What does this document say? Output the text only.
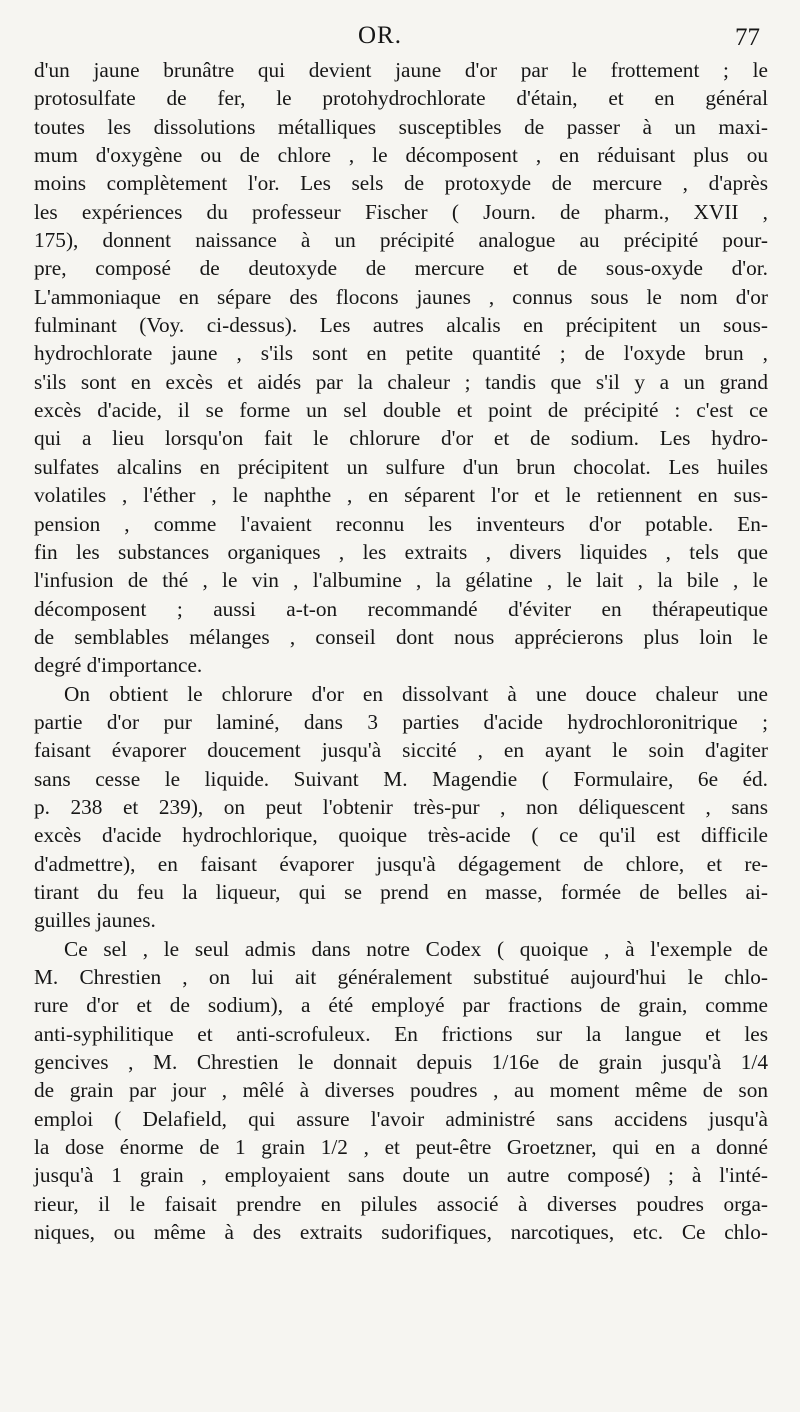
OR.	77

d'un jaune brunâtre qui devient jaune d'or par le frottement ; le

protosulfate de fer, le protohydrochlorate d'étain, et en général

toutes les dissolutions métalliques susceptibles de passer à un maxi-

mum d'oxygène ou de chlore , le décomposent , en réduisant plus ou

moins complètement l'or. Les sels de protoxyde de mercure , d'après

les expériences du professeur Fischer ( Journ. de pharm., XVII ,

175), donnent naissance à un précipité analogue au précipité pour-

pre, composé de deutoxyde de mercure et de sous-oxyde d'or.

L'ammoniaque en sépare des flocons jaunes , connus sous le nom d'or

fulminant (Voy. ci-dessus). Les autres alcalis en précipitent un sous-

hydrochlorate jaune , s'ils sont en petite quantité ; de l'oxyde brun ,

s'ils sont en excès et aidés par la chaleur ; tandis que s'il y a un grand

excès d'acide, il se forme un sel double et point de précipité : c'est ce

qui a lieu lorsqu'on fait le chlorure d'or et de sodium. Les hydro-

sulfates alcalins en précipitent un sulfure d'un brun chocolat. Les huiles

volatiles , l'éther , le naphthe , en séparent l'or et le retiennent en sus-

pension , comme l'avaient reconnu les inventeurs d'or potable. En-

fin les substances organiques , les extraits , divers liquides , tels que

l'infusion de thé , le vin , l'albumine , la gélatine , le lait , la bile , le

décomposent ; aussi a-t-on recommandé d'éviter en thérapeutique

de semblables mélanges , conseil dont nous apprécierons plus loin le

degré d'importance.

On obtient le chlorure d'or en dissolvant à une douce chaleur une

partie d'or pur laminé, dans 3 parties d'acide hydrochloronitrique ;

faisant évaporer doucement jusqu'à siccité , en ayant le soin d'agiter

sans cesse le liquide. Suivant M. Magendie ( Formulaire, 6e éd.

p. 238 et 239), on peut l'obtenir très-pur , non déliquescent , sans

excès d'acide hydrochlorique, quoique très-acide ( ce qu'il est difficile

d'admettre), en faisant évaporer jusqu'à dégagement de chlore, et re-

tirant du feu la liqueur, qui se prend en masse, formée de belles ai-

guilles jaunes.

Ce sel , le seul admis dans notre Codex ( quoique , à l'exemple de

M. Chrestien , on lui ait généralement substitué aujourd'hui le chlo-

rure d'or et de sodium), a été employé par fractions de grain, comme

anti-syphilitique et anti-scrofuleux. En frictions sur la langue et les

gencives , M. Chrestien le donnait depuis 1/16e de grain jusqu'à 1/4

de grain par jour , mêlé à diverses poudres , au moment même de son

emploi ( Delafield, qui assure l'avoir administré sans accidens jusqu'à

la dose énorme de 1 grain 1/2 , et peut-être Groetzner, qui en a donné

jusqu'à 1 grain , employaient sans doute un autre composé) ; à l'inté-

rieur, il le faisait prendre en pilules associé à diverses poudres orga-

niques, ou même à des extraits sudorifiques, narcotiques, etc. Ce chlo-
